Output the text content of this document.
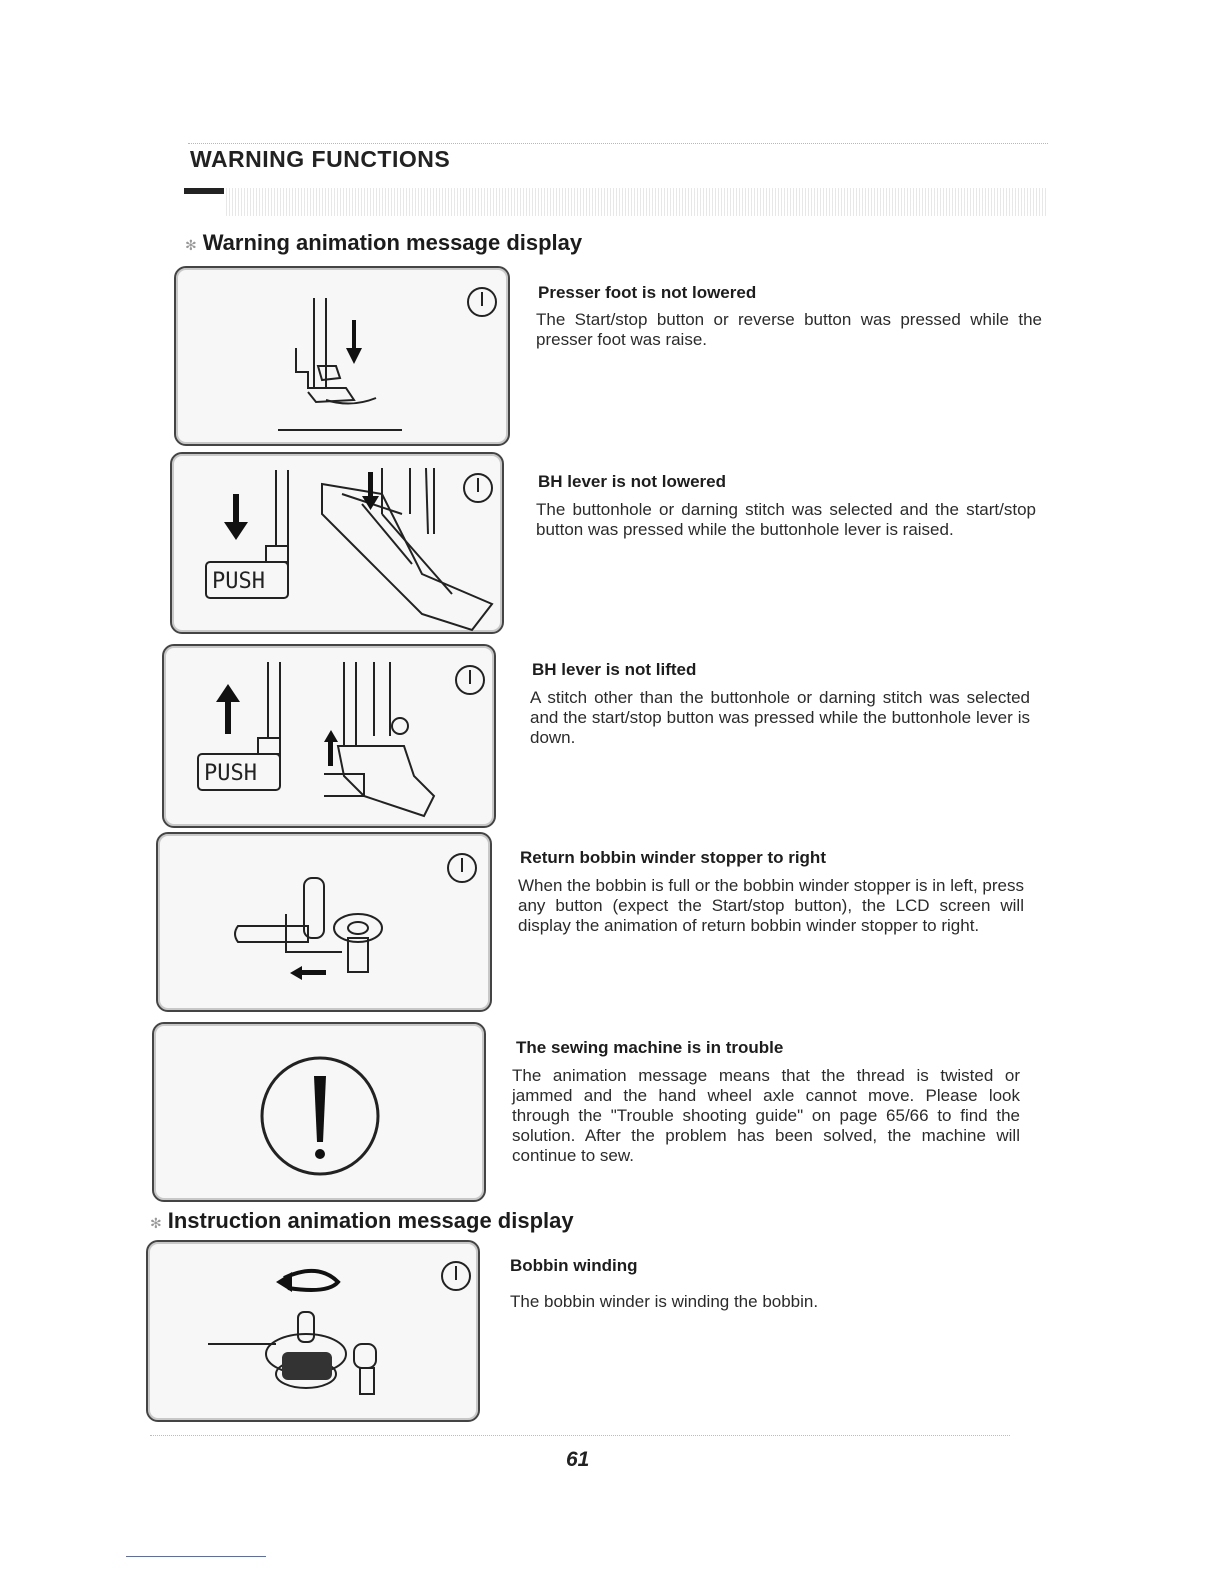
WARNING FUNCTIONS
✻ Warning animation message display
Presser foot is not lowered
The Start/stop button or reverse button was pressed while the presser foot was raise.
PUSH
BH lever is not lowered
The buttonhole or darning stitch was selected and the start/stop button was pressed while the buttonhole lever is raised.
PUSH
BH lever is not lifted
A stitch other than the buttonhole or darning stitch was selected and the start/stop button was pressed while the buttonhole lever is down.
Return bobbin winder stopper to right
When the bobbin is full or the bobbin winder stopper is in left, press any button (expect the Start/stop button), the LCD screen will display the animation of return bobbin winder stopper to right.
The sewing machine is in trouble
The animation message means that the thread is twisted or jammed and the hand wheel axle cannot move. Please look through the "Trouble shooting guide" on page 65/66 to find the solution. After the problem has been solved, the machine will continue to sew.
✻ Instruction animation message display
Bobbin winding
The bobbin winder is winding the bobbin.
61
